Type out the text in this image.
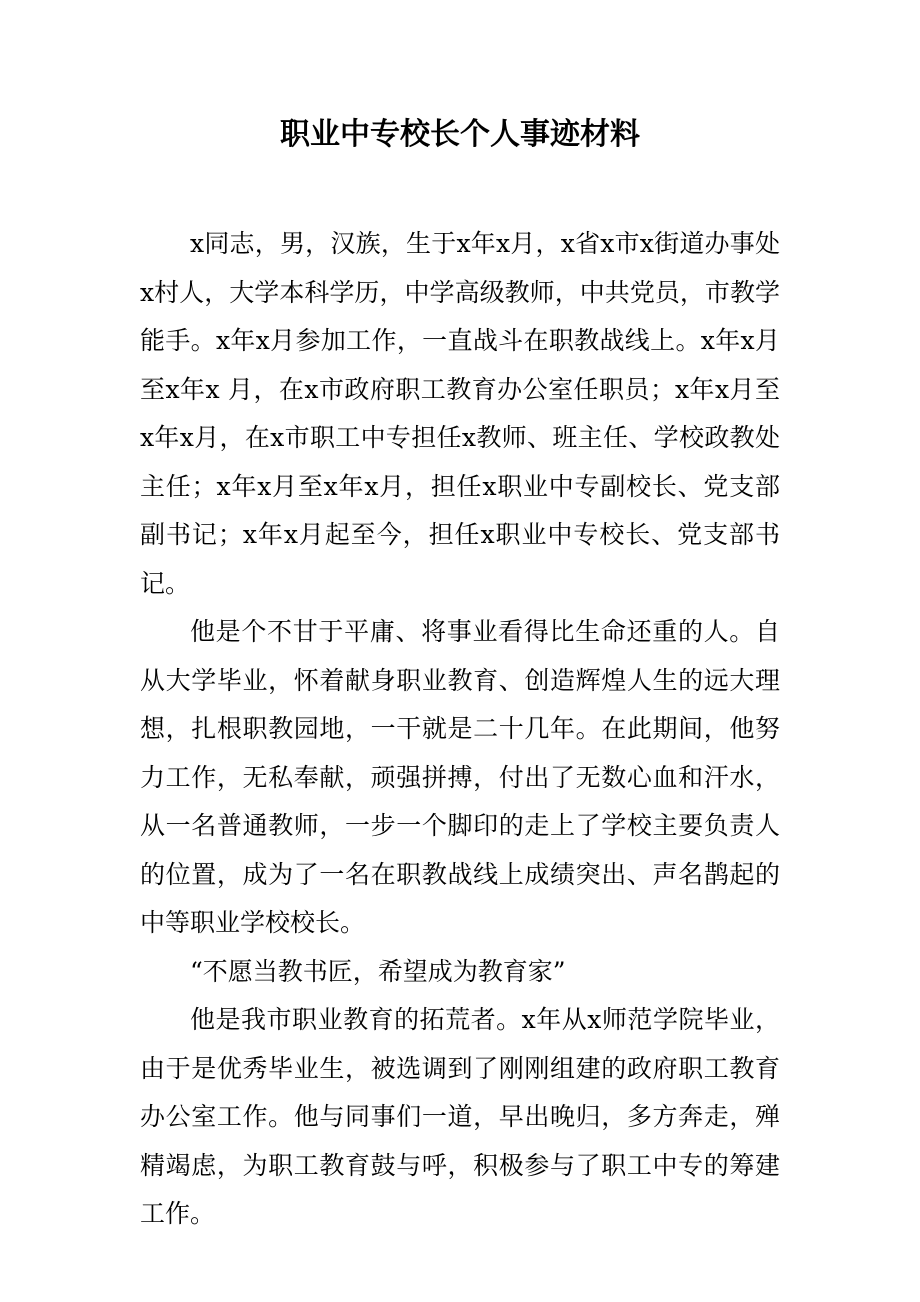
职业中专校长个人事迹材料

x同志，男，汉族，生于x年x月，x省x市x街道办事处x村人，大学本科学历，中学高级教师，中共党员，市教学能手。x年x月参加工作，一直战斗在职教战线上。x年x月至x年x 月，在x市政府职工教育办公室任职员；x年x月至x年x月，在x市职工中专担任x教师、班主任、学校政教处主任；x年x月至x年x月，担任x职业中专副校长、党支部副书记；x年x月起至今，担任x职业中专校长、党支部书记。

他是个不甘于平庸、将事业看得比生命还重的人。自从大学毕业，怀着献身职业教育、创造辉煌人生的远大理想，扎根职教园地，一干就是二十几年。在此期间，他努力工作，无私奉献，顽强拼搏，付出了无数心血和汗水，从一名普通教师，一步一个脚印的走上了学校主要负责人的位置，成为了一名在职教战线上成绩突出、声名鹊起的中等职业学校校长。

“不愿当教书匠，希望成为教育家”

他是我市职业教育的拓荒者。x年从x师范学院毕业，由于是优秀毕业生，被选调到了刚刚组建的政府职工教育办公室工作。他与同事们一道，早出晚归，多方奔走，殚精竭虑，为职工教育鼓与呼，积极参与了职工中专的筹建工作。
